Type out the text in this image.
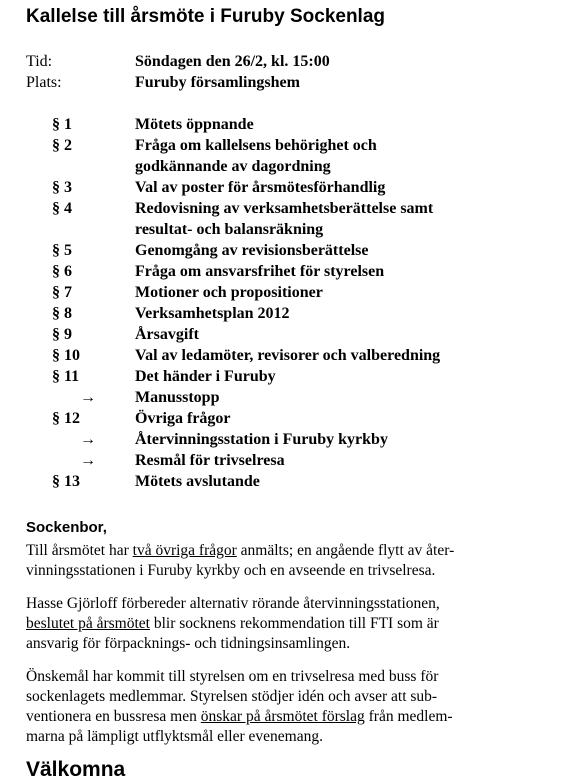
Kallelse till årsmöte i Furuby Sockenlag
Tid:	Söndagen den 26/2, kl. 15:00
Plats:	Furuby församlingshem
§ 1	Mötets öppnande
§ 2	Fråga om kallelsens behörighet och
godkännande av dagordning
§ 3	Val av poster för årsmötesförhandlig
§ 4	Redovisning av verksamhetsberättelse samt
resultat- och balansräkning
§ 5	Genomgång av revisionsberättelse
§ 6	Fråga om ansvarsfrihet för styrelsen
§ 7	Motioner och propositioner
§ 8	Verksamhetsplan 2012
§ 9	Årsavgift
§ 10	Val av ledamöter, revisorer och valberedning
§ 11	Det händer i Furuby
→ Manusstopp
§ 12	Övriga frågor
→ Återvinningsstation i Furuby kyrkby
→ Resmål för trivselresa
§ 13	Mötets avslutande
Sockenbor,
Till årsmötet har två övriga frågor anmälts; en angående flytt av åter-
vinningsstationen i Furuby kyrkby och en avseende en trivselresa.
Hasse Gjörloff förbereder alternativ rörande återvinningsstationen,
beslutet på årsmötet blir socknens rekommendation till FTI som är
ansvarig för förpacknings- och tidningsinsamlingen.
Önskemål har kommit till styrelsen om en trivselresa med buss för
sockenlagets medlemmar. Styrelsen stödjer idén och avser att sub-
ventionera en bussresa men önskar på årsmötet förslag från medlem-
marna på lämpligt utflyktsmål eller evenemang.
Välkomna
